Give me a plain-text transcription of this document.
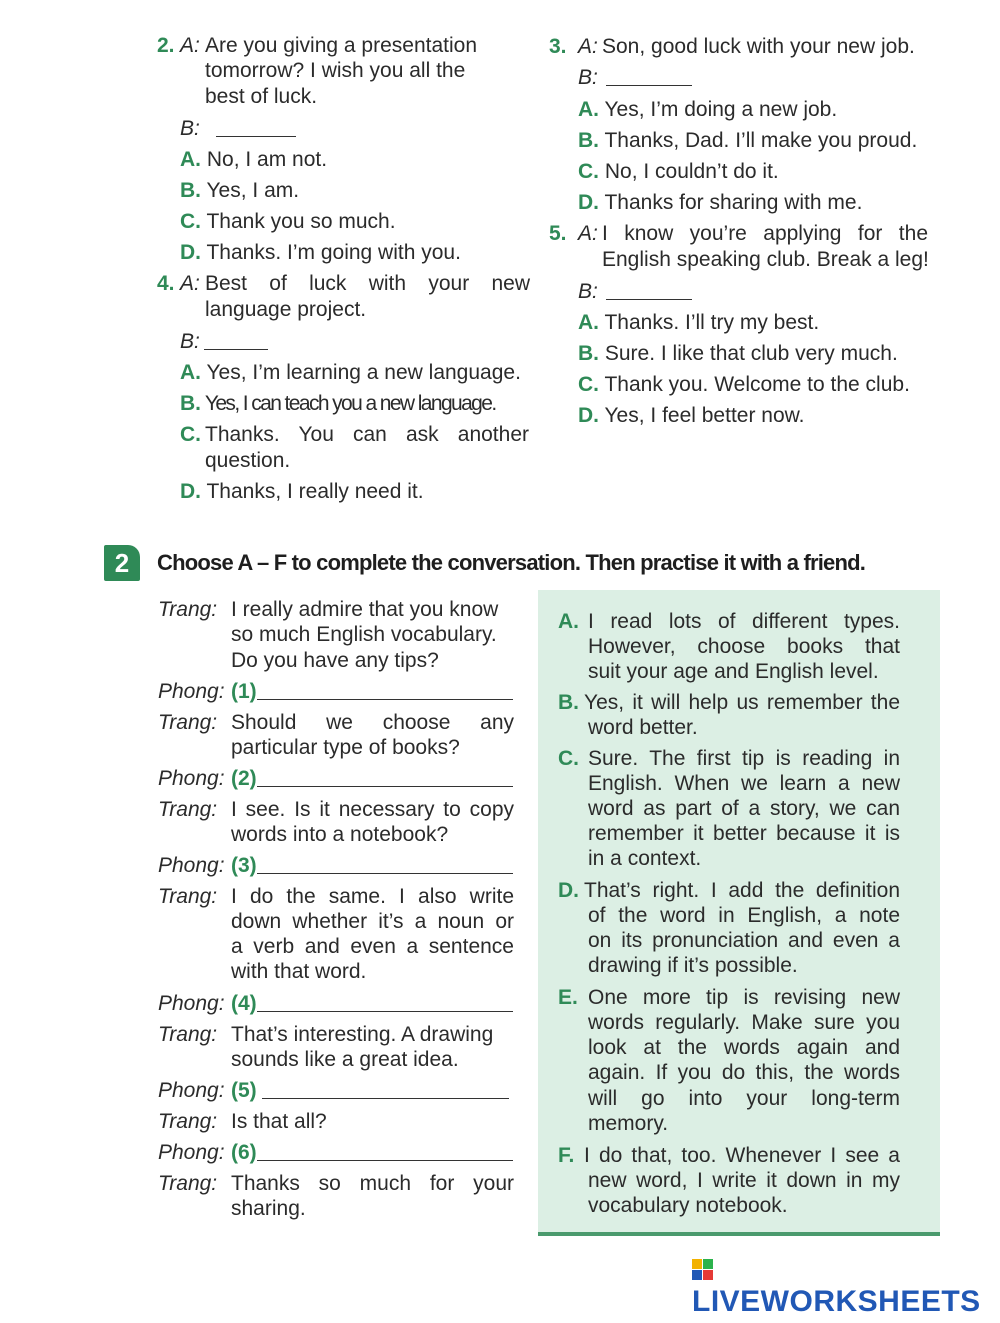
2. A: Are you giving a presentation
tomorrow? I wish you all the
best of luck.
B:
A. No, I am not.
B. Yes, I am.
C. Thank you so much.
D. Thanks. I’m going with you.
4. A: Best of luck with your new
language project.
B:
A. Yes, I’m learning a new language.
B. Yes, I can teach you a new language.
C. Thanks. You can ask another
question.
D. Thanks, I really need it.
3. A: Son, good luck with your new job.
B:
A. Yes, I’m doing a new job.
B. Thanks, Dad. I’ll make you proud.
C. No, I couldn’t do it.
D. Thanks for sharing with me.
5. A: I know you’re applying for the
English speaking club. Break a leg!
B:
A. Thanks. I’ll try my best.
B. Sure. I like that club very much.
C. Thank you. Welcome to the club.
D. Yes, I feel better now.
2	Choose A – F to complete the conversation. Then practise it with a friend.
A. I read lots of different types.
However, choose books that
suit your age and English level.
B. Yes, it will help us remember the
word better.
C. Sure. The first tip is reading in
English. When we learn a new
word as part of a story, we can
remember it better because it is
in a context.
D. That’s right. I add the definition
of the word in English, a note
on its pronunciation and even a
drawing if it’s possible.
E. One more tip is revising new
words regularly. Make sure you
look at the words again and
again. If you do this, the words
will go into your long-term
memory.
F. I do that, too. Whenever I see a
new word, I write it down in my
vocabulary notebook.
Trang: I really admire that you know
so much English vocabulary.
Do you have any tips?
Phong: (1)
Trang: Should we choose any
particular type of books?
Phong: (2)
Trang: I see. Is it necessary to copy
words into a notebook?
Phong: (3)
Trang: I do the same. I also write
down whether it’s a noun or
a verb and even a sentence
with that word.
Phong: (4)
Trang: That’s interesting. A drawing
sounds like a great idea.
Phong: (5)
Trang: Is that all?
Phong: (6)
Trang: Thanks so much for your
sharing.
LIVEWORKSHEETS
